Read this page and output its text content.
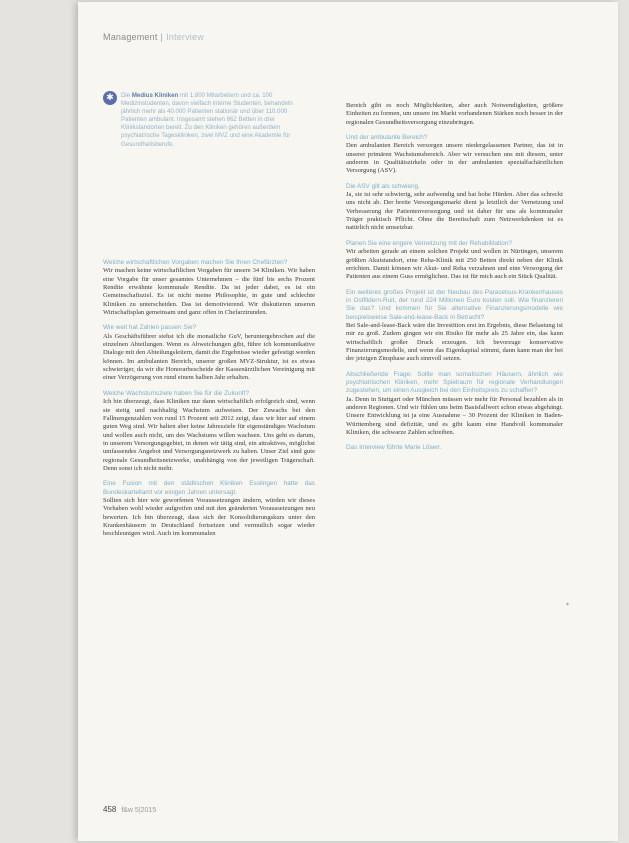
Management | Interview
✱	Die Medius Kliniken mit 1.800 Mitarbeitern und ca. 100 Medizinstudenten, davon vielfach interne Studenten, behandeln jährlich mehr als 40.000 Patienten stationär und über 110.000 Patienten ambulant. Insgesamt stehen 862 Betten in drei Klinikstandorten bereit. Zu den Kliniken gehören außerdem psychiatrische Tageskliniken, zwei MVZ und eine Akademie für Gesundheitsberufe.

Welche wirtschaftlichen Vorgaben machen Sie Ihren Chefärzten?

Wir machen keine wirtschaftlichen Vorgaben für unsere 34 Kliniken. Wir haben eine Vorgabe für unser gesamtes Unternehmen – die fünf bis sechs Prozent Rendite erwähnte kommunale Rendite. Da ist jeder dabei, es ist ein Gemeinschaftsziel. Es ist nicht meine Philosophie, in gute und schlechte Kliniken zu unterscheiden. Das ist demotivierend. Wir diskutieren unseren Wirtschaftsplan gemeinsam und ganz offen in Chefarztrunden.

Wie weit hat Zahlen passen Sie?

Als Geschäftsführer stehst ich die monatliche GuV, heruntergebrochen auf die einzelnen Abteilungen. Wenn es Abweichungen gibt, führe ich kommunikative Dialoge mit den Abteilungsleitern, damit die Ergebnisse wieder gefestigt werden können. Im ambulanten Bereich, unserer großen MVZ-Struktur, ist es etwas schwieriger, da wir die Honorarbescheide der Kassenärztlichen Vereinigung mit einer Verzögerung von rund einem halben Jahr erhalten.

Welche Wachstumsziele haben Sie für die Zukunft?

Ich bin überzeugt, dass Kliniken nur dann wirtschaftlich erfolgreich sind, wenn sie stetig und nachhaltig Wachstum aufweisen. Der Zuwachs bei den Fallmengenzahlen von rund 15 Prozent seit 2012 zeigt, dass wir hier auf einem guten Weg sind. Wir halten aber keine Jahresziele für eigenständiges Wachstum und wollen auch nicht, um des Wachstums willen wachsen. Uns geht es darum, in unserem Versorgungsgebiet, in denen wir tätig sind, ein attraktives, möglichst umfassendes Angebot und Versorgungsnetzwerk zu haben. Unser Ziel sind gute regionale Gesundheitsnetzwerke, unabhängig von der jeweiligen Trägerschaft. Denn sonst ich nicht mehr.

Eine Fusion mit den städtischen Kliniken Esslingen hatte das Bundeskartellamt vor einigen Jahren untersagt.

Sollten sich hier wie geworfenen Voraussetzungen ändern, würden wir dieses Vorhaben wohl wieder aufgreifen und mit den geänderten Voraussetzungen neu bewerten. Ich bin überzeugt, dass sich der Konsolidierungskurs unter den Krankenhäusern in Deutschland fortsetzen und vermutlich sogar wieder beschleunigen wird. Auch im kommunalen

Bereich gibt es noch Möglichkeiten, aber auch Notwendigkeiten, größere Einheiten zu formen, um unsere im Markt vorhandenen Stärken noch besser in der regionalen Gesundheitsversorgung einzubringen.

Und der ambulante Bereich?

Den ambulanten Bereich versorgen unsere niedergelassenen Partner, das ist in unserer primären Wachstumsbereich. Aber wir versuchen uns mit diesem, unter anderem in Qualitätszirkeln oder in der ambulanten spezialfachärztlichen Versorgung (ASV).

Die ASV gilt als schwierig.

Ja, sie ist sehr schwierig, sehr aufwendig und hat hohe Hürden. Aber das schreckt uns nicht ab. Der breite Versorgungsmarkt dient ja letztlich der Vernetzung und Verbesserung der Patientenversorgung und ist daher für uns als kommunaler Träger praktisch Pflicht. Ohne die Bereitschaft zum Netzwerkdenken ist es natürlich nicht umsetzbar.

Planen Sie eine engere Vernetzung mit der Rehabilitation?

Wir arbeiten gerade an einem solchen Projekt und wollen in Nürtingen, unserem größten Akutstandort, eine Reha-Klinik mit 250 Betten direkt neben der Klinik errichten. Damit können wir Akut- und Reha verzahnen und eine Versorgung der Patienten aus einem Guss ermöglichen. Das ist für mich auch ein Stück Qualität.

Ein weiteres großes Projekt ist der Neubau des Paracelsus-Krankenhauses in Ostfildern-Ruit, der rund 224 Millionen Euro kosten soll. Wie finanzieren Sie das? Und kommen für Sie alternative Finanzierungsmodelle wie beispielsweise Sale-and-lease-Back in Betracht?

Bei Sale-and-lease-Back wäre die Investition erst im Ergebnis, diese Belastung ist mir zu groß. Zudem gingen wir ein Risiko für mehr als 25 Jahre ein, das kann wirtschaftlich großer Druck erzeugen. Ich bevorzuge konservative Finanzierungsmodelle, und wenn das Eigenkapital stimmt, dann kann man der bei der jetzigen Zinsphase auch sinnvoll setzen.

Abschließende Frage: Sollte man somatischen Häusern, ähnlich wie psychiatrischen Kliniken, mehr Spielraum für regionale Verhandlungen zugestehen, um einen Ausgleich bei den Einheitspreis zu schaffen?

Ja. Denn in Stuttgart oder München müssen wir mehr für Personal bezahlen als in anderen Regionen. Und wir fühlen uns beim Basisfallwert schon etwas abgehängt. Unsere Entwicklung ist ja eine Ausnahme – 30 Prozent der Kliniken in Baden-Württemberg sind defizitär, und es gibt kaum eine Handvoll kommunaler Kliniken, die schwarze Zahlen schreiben.

Das Interview führte Marie Löwer.

▴
458 f&w 5|2015
